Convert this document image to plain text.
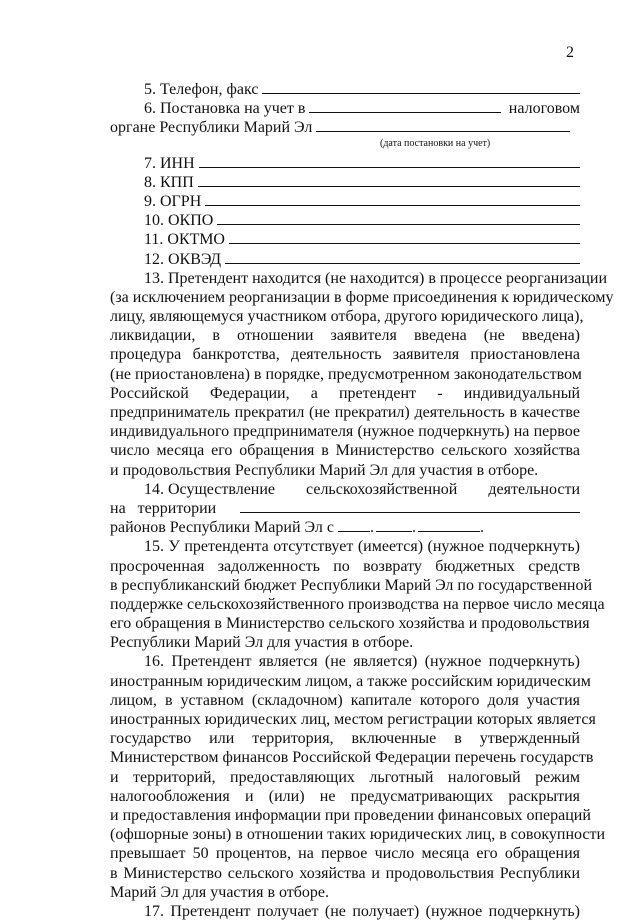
2
5. Телефон, факс
6. Постановка на учет в	налоговом
органе Республики Марий Эл
(дата постановки на учет)
7. ИНН
8. КПП
9. ОГРН
10. ОКПО
11. ОКТМО
12. ОКВЭД
13. Претендент находится (не находится) в процессе реорганизации
(за исключением реорганизации в форме присоединения к юридическому
лицу, являющемуся участником отбора, другого юридического лица),
ликвидации, в отношении заявителя введена (не введена)
процедура банкротства, деятельность заявителя приостановлена
(не приостановлена) в порядке, предусмотренном законодательством
Российской Федерации, а претендент - индивидуальный
предприниматель прекратил (не прекратил) деятельность в качестве
индивидуального предпринимателя (нужное подчеркнуть) на первое
число месяца его обращения в Министерство сельского хозяйства
и продовольствия Республики Марий Эл для участия в отборе.
14. Осуществление сельскохозяйственной деятельности
на   территории
районов Республики Марий Эл с . .	.
15. У претендента отсутствует (имеется) (нужное подчеркнуть)
просроченная задолженность по возврату бюджетных средств
в республиканский бюджет Республики Марий Эл по государственной
поддержке сельскохозяйственного производства на первое число месяца
его обращения в Министерство сельского хозяйства и продовольствия
Республики Марий Эл для участия в отборе.
16. Претендент является (не является) (нужное подчеркнуть)
иностранным юридическим лицом, а также российским юридическим
лицом, в уставном (складочном) капитале которого доля участия
иностранных юридических лиц, местом регистрации которых является
государство или территория, включенные в утвержденный
Министерством финансов Российской Федерации перечень государств
и территорий, предоставляющих льготный налоговый режим
налогообложения и (или) не предусматривающих раскрытия
и предоставления информации при проведении финансовых операций
(офшорные зоны) в отношении таких юридических лиц, в совокупности
превышает 50 процентов, на первое число месяца его обращения
в Министерство сельского хозяйства и продовольствия Республики
Марий Эл для участия в отборе.
17. Претендент получает (не получает) (нужное подчеркнуть)
